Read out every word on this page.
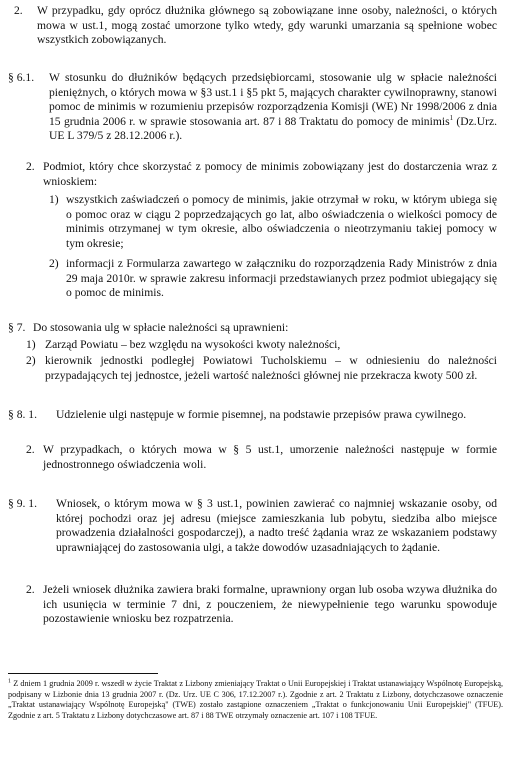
2. W przypadku, gdy oprócz dłużnika głównego są zobowiązane inne osoby, należności, o których mowa w ust.1, mogą zostać umorzone tylko wtedy, gdy warunki umarzania są spełnione wobec wszystkich zobowiązanych.

§ 6.1. W stosunku do dłużników będących przedsiębiorcami, stosowanie ulg w spłacie należności pieniężnych, o których mowa w §3 ust.1 i §5 pkt 5, mających charakter cywilnoprawny, stanowi pomoc de minimis w rozumieniu przepisów rozporządzenia Komisji (WE) Nr 1998/2006 z dnia 15 grudnia 2006 r. w sprawie stosowania art. 87 i 88 Traktatu do pomocy de minimis$^1$ (Dz.Urz. UE L 379/5 z 28.12.2006 r.).

2. Podmiot, który chce skorzystać z pomocy de minimis zobowiązany jest do dostarczenia wraz z wnioskiem:

1) wszystkich zaświadczeń o pomocy de minimis, jakie otrzymał w roku, w którym ubiega się o pomoc oraz w ciągu 2 poprzedzających go lat, albo oświadczenia o wielkości pomocy de minimis otrzymanej w tym okresie, albo oświadczenia o nieotrzymaniu takiej pomocy w tym okresie;

2) informacji z Formularza zawartego w załączniku do rozporządzenia Rady Ministrów z dnia 29 maja 2010r. w sprawie zakresu informacji przedstawianych przez podmiot ubiegający się o pomoc de minimis.

§ 7. Do stosowania ulg w spłacie należności są uprawnieni:

1) Zarząd Powiatu – bez względu na wysokości kwoty należności,

2) kierownik jednostki podległej Powiatowi Tucholskiemu – w odniesieniu do należności przypadających tej jednostce, jeżeli wartość należności głównej nie przekracza kwoty 500 zł.

§ 8. 1. Udzielenie ulgi następuje w formie pisemnej, na podstawie przepisów prawa cywilnego.

2. W przypadkach, o których mowa w § 5 ust.1, umorzenie należności następuje w formie jednostronnego oświadczenia woli.

§ 9. 1. Wniosek, o którym mowa w § 3 ust.1, powinien zawierać co najmniej wskazanie osoby, od której pochodzi oraz jej adresu (miejsce zamieszkania lub pobytu, siedziba albo miejsce prowadzenia działalności gospodarczej), a nadto treść żądania wraz ze wskazaniem podstawy uprawniającej do zastosowania ulgi, a także dowodów uzasadniających to żądanie.

2. Jeżeli wniosek dłużnika zawiera braki formalne, uprawniony organ lub osoba wzywa dłużnika do ich usunięcia w terminie 7 dni, z pouczeniem, że niewypełnienie tego warunku spowoduje pozostawienie wniosku bez rozpatrzenia.

$^1$ Z dniem 1 grudnia 2009 r. wszedł w życie Traktat z Lizbony zmieniający Traktat o Unii Europejskiej i Traktat ustanawiający Wspólnotę Europejską, podpisany w Lizbonie dnia 13 grudnia 2007 r. (Dz. Urz. UE C 306, 17.12.2007 r.). Zgodnie z art. 2 Traktatu z Lizbony, dotychczasowe oznaczenie „Traktat ustanawiający Wspólnotę Europejską" (TWE) zostało zastąpione oznaczeniem „Traktat o funkcjonowaniu Unii Europejskiej" (TFUE). Zgodnie z art. 5 Traktatu z Lizbony dotychczasowe art. 87 i 88 TWE otrzymały oznaczenie art. 107 i 108 TFUE.
